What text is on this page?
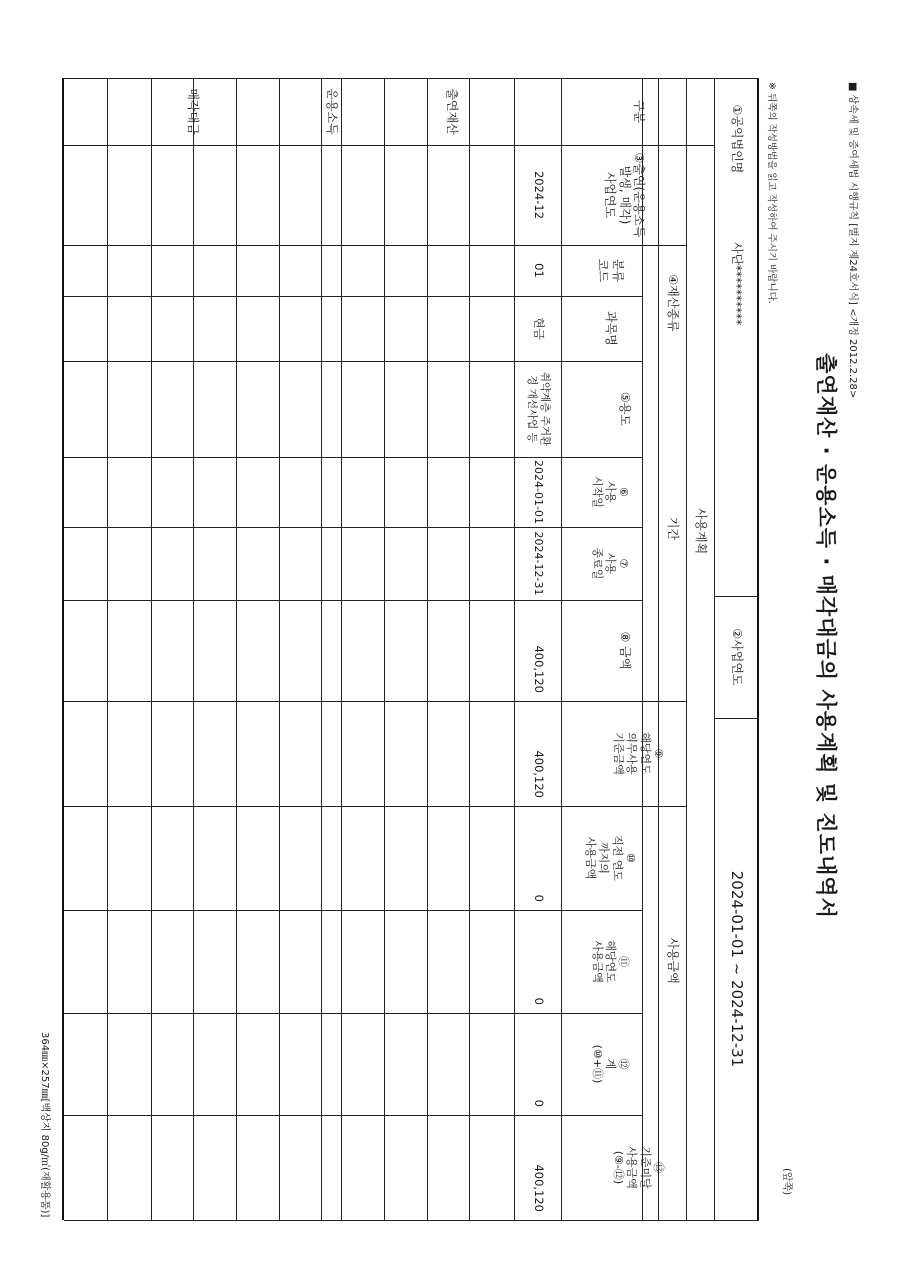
■ 상속세 및 증여세법 시행규칙 [별지 제24호서식] <개정 2012.2.28>
출연재산 · 운용소득 · 매각대금의 사용계획 및 진도내역서
(앞쪽)
※ 뒤쪽의 작성방법을 읽고 작성하여 주시기 바랍니다.
①공익법인명
사단**********
②사업연도
2024-01-01 ~ 2024-12-31
구분
③출연(운용소득 발생, 매각)
사업연도
④재산종류
분류
코드
과목명
사용계획
⑤용도
기간
⑥
사용
시작일
⑦
사용
종료일
⑧ 금액
⑨
해당연도
의무사용
기준금액
사용금액
⑩
직전 연도
까지의
사용금액
⑪
해당연도
사용금액
⑫
계
(⑩+⑪)
⑬
기준미달
사용금액
(⑨-⑫)
출연재산
운용소득
매각대금
2024-12
01
현금
취약계층 주거환
경 개선사업 등
2024-01-01
2024-12-31
400,120
400,120
0
0
0
400,120
364㎜×257㎜[백상지 80g/㎡(재활용품)]
